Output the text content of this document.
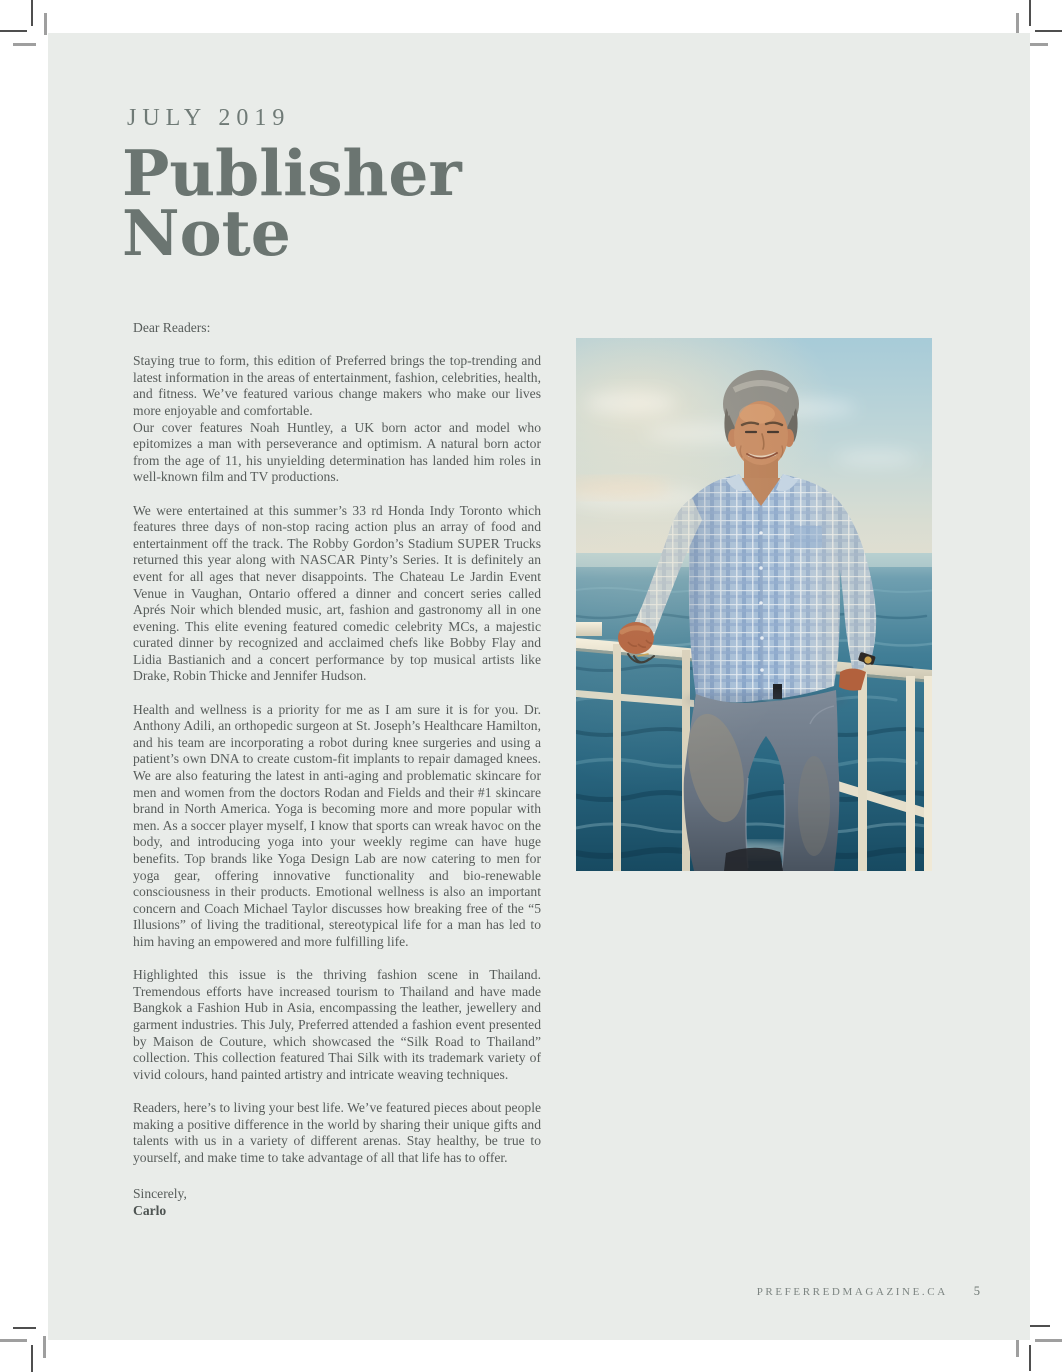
JULY 2019
Publisher
Note

Dear Readers:

Staying true to form, this edition of Preferred brings the top-trending and latest information in the areas of entertainment, fashion, celebrities, health, and fitness. We’ve featured various change makers who make our lives more enjoyable and comfortable.

Our cover features Noah Huntley, a UK born actor and model who epitomizes a man with perseverance and optimism. A natural born actor from the age of 11, his unyielding determination has landed him roles in well-known film and TV productions.

We were entertained at this summer’s 33 rd Honda Indy Toronto which features three days of non-stop racing action plus an array of food and entertainment off the track. The Robby Gordon’s Stadium SUPER Trucks returned this year along with NASCAR Pinty’s Series. It is definitely an event for all ages that never disappoints. The Chateau Le Jardin Event Venue in Vaughan, Ontario offered a dinner and concert series called Aprés Noir which blended music, art, fashion and gastronomy all in one evening. This elite evening featured comedic celebrity MCs, a majestic curated dinner by recognized and acclaimed chefs like Bobby Flay and Lidia Bastianich and a concert performance by top musical artists like Drake, Robin Thicke and Jennifer Hudson.

Health and wellness is a priority for me as I am sure it is for you. Dr. Anthony Adili, an orthopedic surgeon at St. Joseph’s Healthcare Hamilton, and his team are incorporating a robot during knee surgeries and using a patient’s own DNA to create custom-fit implants to repair damaged knees. We are also featuring the latest in anti-aging and problematic skincare for men and women from the doctors Rodan and Fields and their #1 skincare brand in North America. Yoga is becoming more and more popular with men. As a soccer player myself, I know that sports can wreak havoc on the body, and introducing yoga into your weekly regime can have huge benefits. Top brands like Yoga Design Lab are now catering to men for yoga gear, offering innovative functionality and bio-renewable consciousness in their products. Emotional wellness is also an important concern and Coach Michael Taylor discusses how breaking free of the “5 Illusions” of living the traditional, stereotypical life for a man has led to him having an empowered and more fulfilling life.

Highlighted this issue is the thriving fashion scene in Thailand. Tremendous efforts have increased tourism to Thailand and have made Bangkok a Fashion Hub in Asia, encompassing the leather, jewellery and garment industries. This July, Preferred attended a fashion event presented by Maison de Couture, which showcased the “Silk Road to Thailand” collection. This collection featured Thai Silk with its trademark variety of vivid colours, hand painted artistry and intricate weaving techniques.

Readers, here’s to living your best life. We’ve featured pieces about people making a positive difference in the world by sharing their unique gifts and talents with us in a variety of different arenas. Stay healthy, be true to yourself, and make time to take advantage of all that life has to offer.

Sincerely,

Carlo

PREFERREDMAGAZINE.CA 5
